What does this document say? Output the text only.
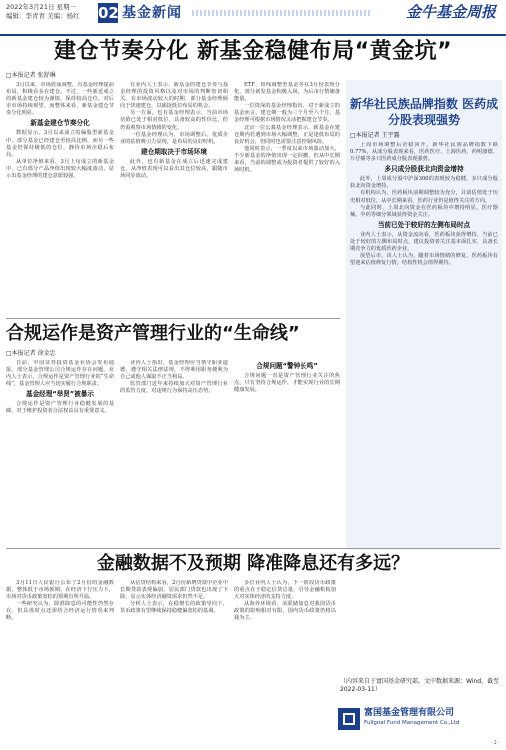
2022年3月21日 星期一
编辑：李青青 美编：杨红 02 基金新闻	金牛基金周报
建仓节奏分化 新基金稳健布局“黄金坑”
□本报记者 张舒琳

3月以来，市场震荡调整，有基金经理提前布局，积极看多在建仓。不过，一些新近成立的新基金建仓较为谨慎，保持较高仓位，对后市市场持续观望。而整体来看，新基金建仓节奏分化明显。

新基金建仓节奏分化

数据显示，3月以来成立的偏股型新基金中，部分基金已经建仓至较高比例，而另一些基金仍保持极低的仓位，静待市场企稳后布局。

从单位净值来看，3月上旬成立的新基金中，已有部分产品净值出现较大幅度波动，显示出基金经理的建仓意愿较强。

有业内人士表示，新基金的建仓节奏与基金经理的投资风格以及对市场的判断密切相关。在市场波动较大的时期，部分基金经理倾向于快速建仓，以捕捉低位布局的机会。

另一方面，也有基金经理表示，当前市场估值已处于相对低位，具备较高的性价比，但仍需观察市场情绪的变化。

一位基金经理认为，市场调整后，优质企业的估值吸引力显现，是布局的良好时机。

建仓期取决于市场环境

此外，也有新基金在成立后迅速完成建仓，从净值表现可以看出其仓位较高，跟随市场同步波动。

ETF、短线调整型基金等在3月份表现分化，部分新发基金积极入场，为后市行情储备能量。

一位资深的基金经理指出，对于新成立的基金而言，建仓期一般为三个月至六个月，基金经理可根据市场情况灵活把握建仓节奏。

北京一位公募基金经理表示，新基金在建仓期内若遇到市场大幅调整，正是逢低布局的良好机会，但同时也需要注意控制风险。

他同时表示，一季度以来市场波动加大，不少新基金的净值出现一定回撤，但从中长期来看，当前的调整或为投资者提供了较好的入场时机。

新华社民族品牌指数 医药成分股表现强势
□本报记者 王宇露

上周市场调整后企稳回升，新华社民族品牌指数下跌0.77%，从成分股表现来看，医药医疗、上海医药、药明康德、片仔癀等多只医药成分股表现强势。

多只成分股获北向资金增持

此外，上周成分股中沪深300的表现较为稳健，多只成分股获北向资金增持。

有机构认为，医药板块前期调整较为充分，目前估值处于历史相对低位，从中长期来看，医药行业仍是值得关注的方向。

与此同时，上周北向资金在医药板块中增持明显，医疗器械、中药等细分领域获得资金关注。

当前已处于较好的左侧布局时点

业内人士表示，从资金流向看，医药板块获得增持，当前已处于较好的左侧布局时点，建议投资者关注基本面扎实、具备长期竞争力的优质医药企业。

展望后市，该人士认为，随着市场情绪的修复，医药板块有望迎来估值修复行情，结构性机会值得期待。

合规运作是资产管理行业的“生命线”
□本报记者 徐金忠

日前，中国证券投资基金业协会发布通报，部分基金管理公司合规运作存在问题。业内人士表示，合规运作是资产管理行业的“生命线”，基金管理人应当切实履行合规职责。

基金经理“举贤”被暴示

合规运作是资产管理行业稳健发展的基础，对于维护投资者合法权益具有重要意义。

业内人士指出，基金经理应当恪守职业道德，遵守相关法律法规，不得利用职务便利为自己或他人谋取不正当利益。

监管部门近年来持续加大对资产管理行业的监管力度，对违规行为保持高压态势。

合规问题“警钟长鸣”

合规问题一直是资产管理行业关注的焦点，只有坚持合规运作，才能实现行业的长期健康发展。

金融数据不及预期 降准降息还有多远？

3月11日人民银行公布了2月份的金融数据，整体低于市场预期。在经济下行压力下，市场对货币政策宽松的预期有所升温。

一些研究认为，降准降息的可能性仍然存在，但具体时点还需结合经济运行情况来判断。

从信贷结构来看，2月份新增贷款中企业中长期贷款表现偏弱，居民部门贷款也出现了下降，显示实体经济融资需求仍然不足。

分析人士表示，在稳增长的政策导向下，货币政策有望继续保持稳健偏宽松的基调。

多位业内人士认为，下一阶段货币政策的重点在于稳定信贷总量，引导金融机构加大对实体经济的支持力度。

从海外环境看，美联储加息对我国货币政策的影响相对有限，国内货币政策仍将以我为主。

（内容来自于富国基金研究部，文中数据来源：Wind，截至2022-03-11）
富国基金管理有限公司
Fullgoal Fund Management Co.,Ltd
· 2 ·
